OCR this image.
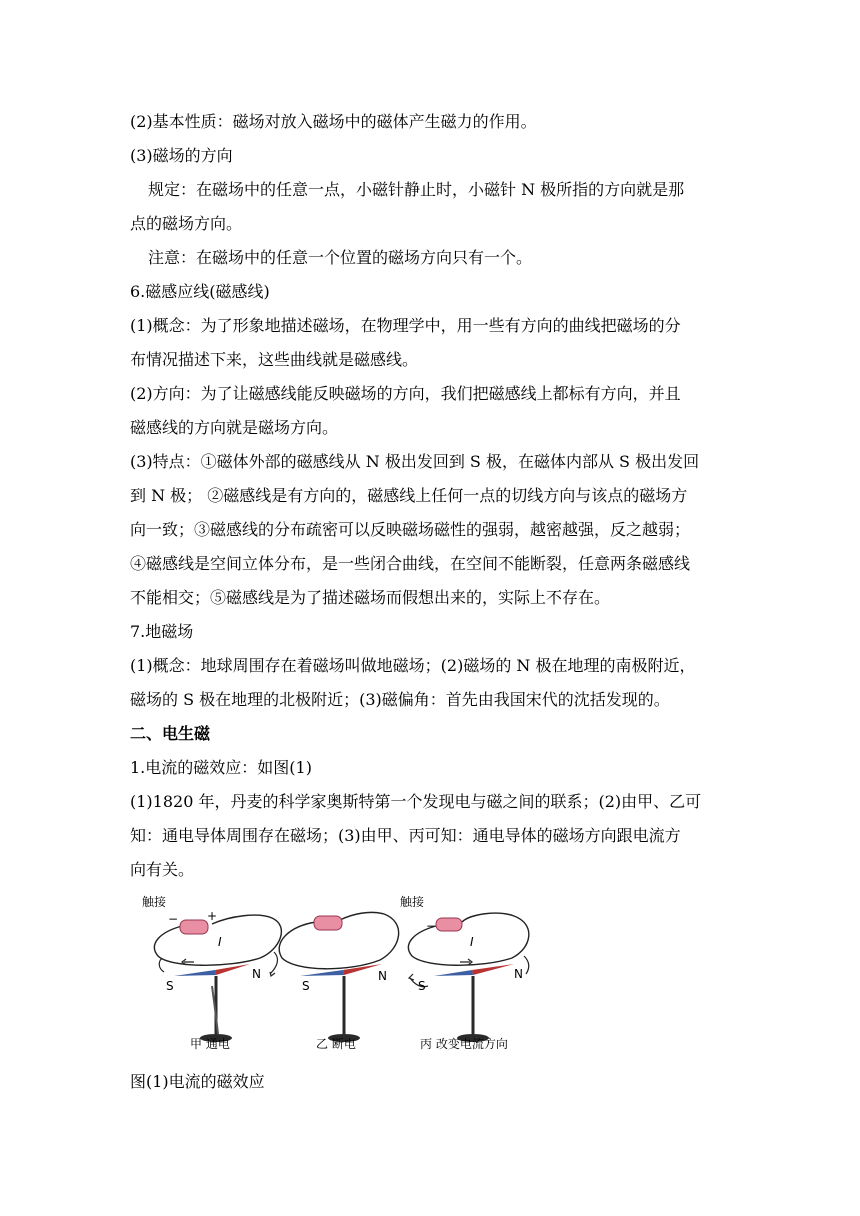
(2)基本性质：磁场对放入磁场中的磁体产生磁力的作用。
(3)磁场的方向
规定：在磁场中的任意一点，小磁针静止时，小磁针 N 极所指的方向就是那
点的磁场方向。
注意：在磁场中的任意一个位置的磁场方向只有一个。
6.磁感应线(磁感线)
(1)概念：为了形象地描述磁场，在物理学中，用一些有方向的曲线把磁场的分
布情况描述下来，这些曲线就是磁感线。
(2)方向：为了让磁感线能反映磁场的方向，我们把磁感线上都标有方向，并且
磁感线的方向就是磁场方向。
(3)特点：①磁体外部的磁感线从 N 极出发回到 S 极，在磁体内部从 S 极出发回
到 N 极； ②磁感线是有方向的，磁感线上任何一点的切线方向与该点的磁场方
向一致；③磁感线的分布疏密可以反映磁场磁性的强弱，越密越强，反之越弱；
④磁感线是空间立体分布，是一些闭合曲线，在空间不能断裂，任意两条磁感线
不能相交；⑤磁感线是为了描述磁场而假想出来的，实际上不存在。
7.地磁场
(1)概念：地球周围存在着磁场叫做地磁场；(2)磁场的 N 极在地理的南极附近，
磁场的 S 极在地理的北极附近；(3)磁偏角：首先由我国宋代的沈括发现的。
二、电生磁
1.电流的磁效应：如图(1)
(1)1820 年，丹麦的科学家奥斯特第一个发现电与磁之间的联系；(2)由甲、乙可
知：通电导体周围存在磁场；(3)由甲、丙可知：通电导体的磁场方向跟电流方
向有关。
触接
− +
I
S
N
甲 通电
S
N
乙 断电
触接
−
I
S
N
丙 改变电流方向
图(1)电流的磁效应
